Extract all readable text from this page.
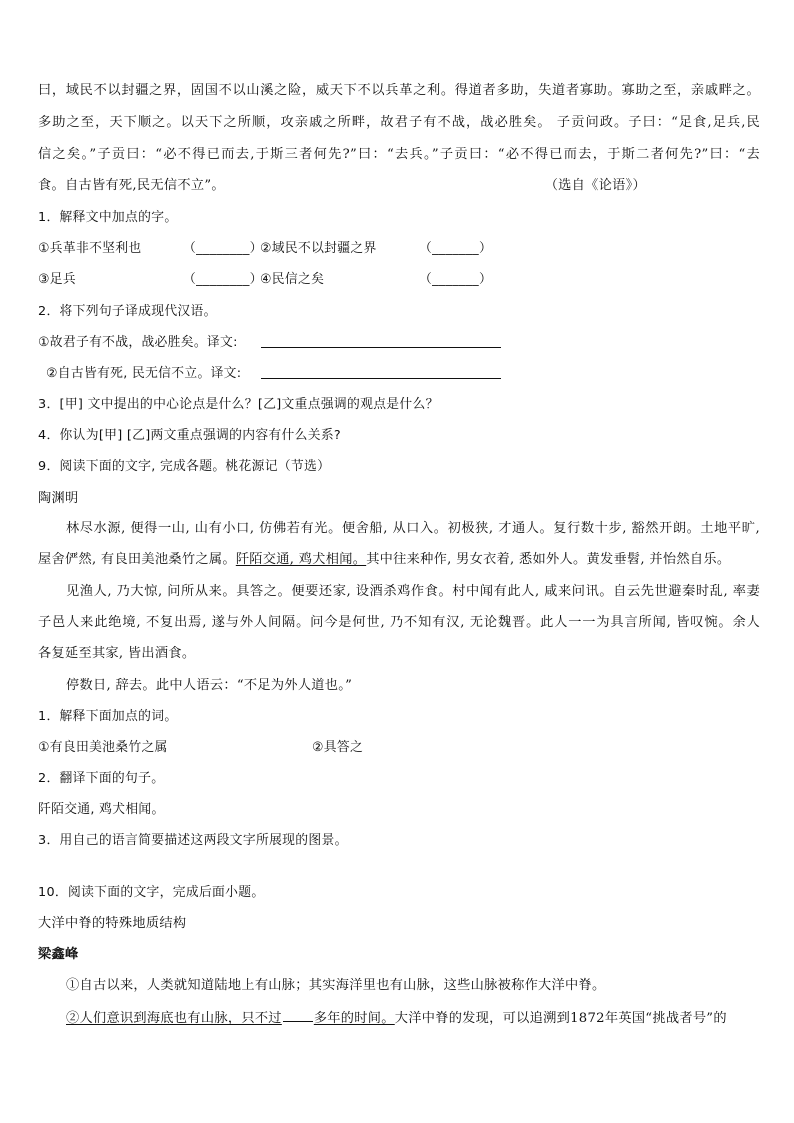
曰，域民不以封疆之界，固国不以山溪之险，威天下不以兵革之利。得道者多助，失道者寡助。寡助之至，亲戚畔之。
多助之至，天下顺之。以天下之所顺，攻亲戚之所畔，故君子有不战，战必胜矣。 子贡问政。子曰：“足食,足兵,民
信之矣。”子贡曰：“必不得已而去,于斯三者何先?”曰：“去兵。”子贡曰：“必不得已而去，于斯二者何先?”曰：“去
食。自古皆有死,民无信不立”。	（选自《论语》）
1．解释文中加点的字。
①兵革非不坚利也	（________）
②域民不以封疆之界	（_______）
③足兵	（________）
④民信之矣	（_______）
2．将下列句子译成现代汉语。
①故君子有不战，战必胜矣。译文:
②自古皆有死, 民无信不立。译文:
3．[甲] 文中提出的中心论点是什么？[乙]文重点强调的观点是什么？
4．你认为[甲] [乙]两文重点强调的内容有什么关系?
9．阅读下面的文字, 完成各题。桃花源记（节选）
陶渊明
林尽水源, 便得一山, 山有小口, 仿佛若有光。便舍船, 从口入。初极狭, 才通人。复行数十步, 豁然开朗。土地平旷,
屋舍俨然, 有良田美池桑竹之属。阡陌交通, 鸡犬相闻。其中往来种作, 男女衣着, 悉如外人。黄发垂髫, 并怡然自乐。
见渔人, 乃大惊, 问所从来。具答之。便要还家, 设酒杀鸡作食。村中闻有此人, 咸来问讯。自云先世避秦时乱, 率妻
子邑人来此绝境, 不复出焉, 遂与外人间隔。问今是何世, 乃不知有汉, 无论魏晋。此人一一为具言所闻, 皆叹惋。余人
各复延至其家, 皆出酒食。
停数日, 辞去。此中人语云：“不足为外人道也。”
1．解释下面加点的词。
①有良田美池桑竹之属	②具答之
2．翻译下面的句子。
阡陌交通, 鸡犬相闻。
3．用自己的语言简要描述这两段文字所展现的图景。
10．阅读下面的文字，完成后面小题。
大洋中脊的特殊地质结构
梁鑫峰
①自古以来，人类就知道陆地上有山脉；其实海洋里也有山脉，这些山脉被称作大洋中脊。
②人们意识到海底也有山脉，只不过 多年的时间。大洋中脊的发现，可以追溯到1872年英国“挑战者号”的
